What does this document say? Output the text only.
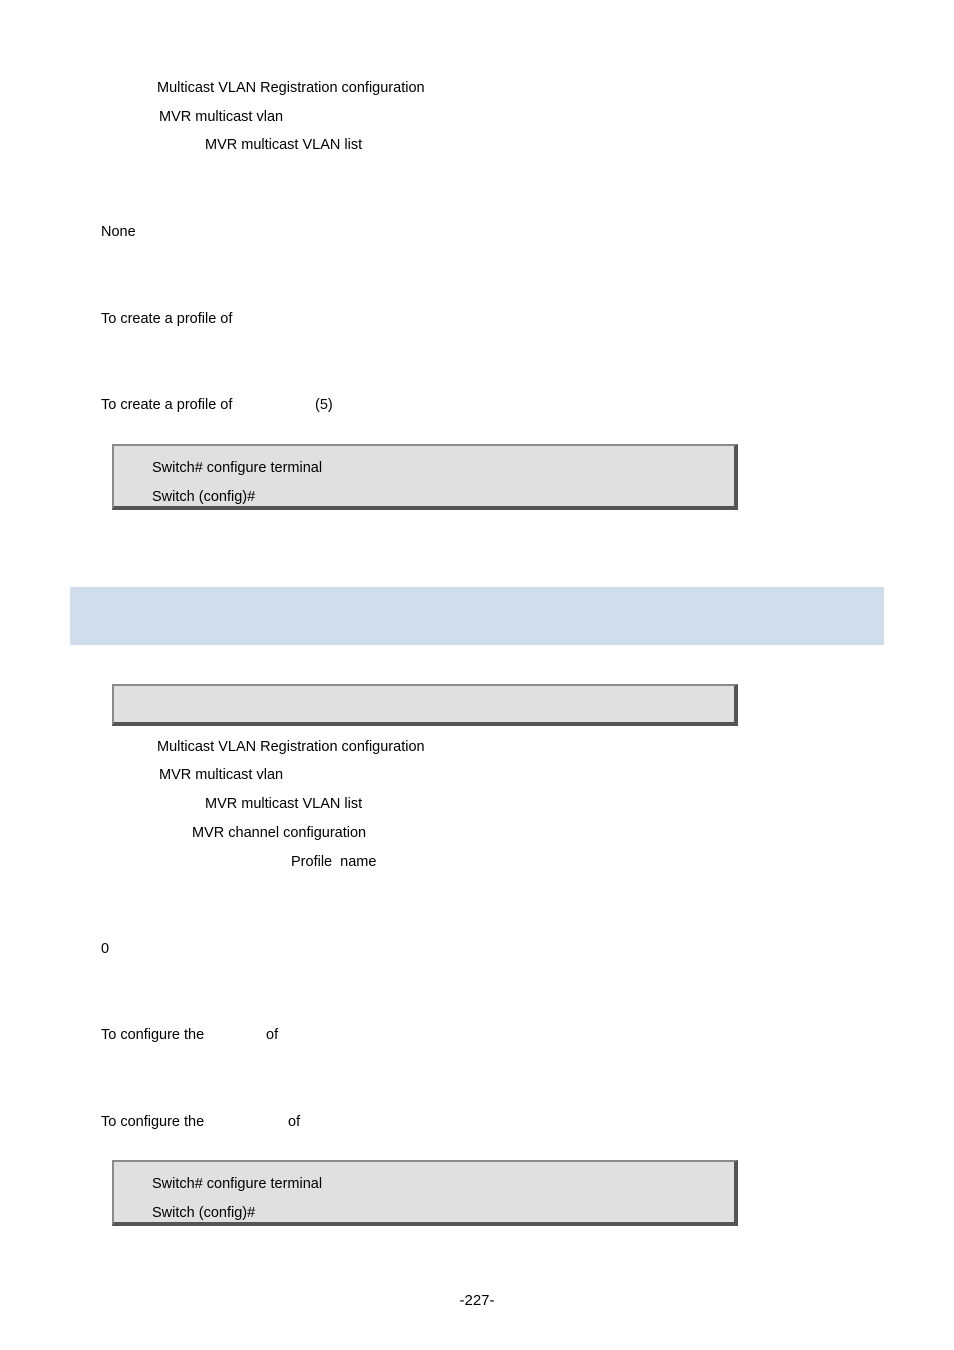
Multicast VLAN Registration configuration
MVR multicast vlan
MVR multicast VLAN list
None
To create a profile of
To create a profile of	(5)
Switch# configure terminal
Switch (config)#
Multicast VLAN Registration configuration
MVR multicast vlan
MVR multicast VLAN list
MVR channel configuration
Profile  name
0
To configure the	of
To configure the	of
Switch# configure terminal
Switch (config)#
-227-
